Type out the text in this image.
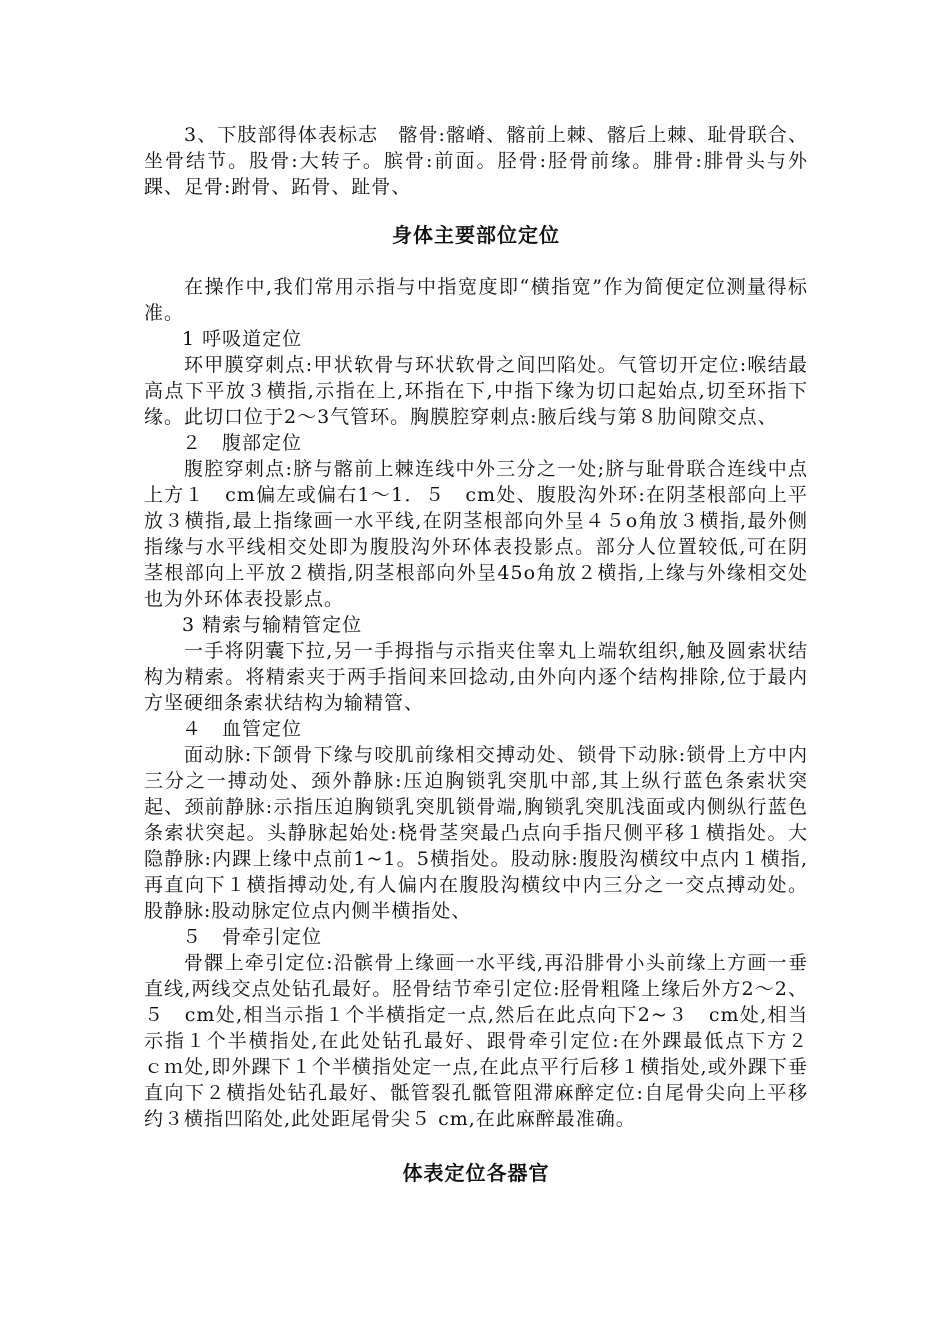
3、下肢部得体表标志　髂骨:髂嵴、髂前上棘、髂后上棘、耻骨联合、坐骨结节。股骨:大转子。膑骨:前面。胫骨:胫骨前缘。腓骨:腓骨头与外踝、足骨:跗骨、跖骨、趾骨、

身体主要部位定位

在操作中,我们常用示指与中指宽度即“横指宽”作为简便定位测量得标准。

1 呼吸道定位

环甲膜穿刺点:甲状软骨与环状软骨之间凹陷处。气管切开定位:喉结最高点下平放３横指,示指在上,环指在下,中指下缘为切口起始点,切至环指下缘。此切口位于2～3气管环。胸膜腔穿刺点:腋后线与第８肋间隙交点、

２　腹部定位

腹腔穿刺点:脐与髂前上棘连线中外三分之一处;脐与耻骨联合连线中点上方１　cm偏左或偏右1～1．５　cm处、腹股沟外环:在阴茎根部向上平放３横指,最上指缘画一水平线,在阴茎根部向外呈４５o角放３横指,最外侧指缘与水平线相交处即为腹股沟外环体表投影点。部分人位置较低,可在阴茎根部向上平放２横指,阴茎根部向外呈45o角放２横指,上缘与外缘相交处也为外环体表投影点。

3 精索与输精管定位

一手将阴囊下拉,另一手拇指与示指夹住睾丸上端软组织,触及圆索状结构为精索。将精索夹于两手指间来回捻动,由外向内逐个结构排除,位于最内方坚硬细条索状结构为输精管、

４　血管定位

面动脉:下颌骨下缘与咬肌前缘相交搏动处、锁骨下动脉:锁骨上方中内三分之一搏动处、颈外静脉:压迫胸锁乳突肌中部,其上纵行蓝色条索状突起、颈前静脉:示指压迫胸锁乳突肌锁骨端,胸锁乳突肌浅面或内侧纵行蓝色条索状突起。头静脉起始处:桡骨茎突最凸点向手指尺侧平移１横指处。大隐静脉:内踝上缘中点前1~1。5横指处。股动脉:腹股沟横纹中点内１横指,再直向下１横指搏动处,有人偏内在腹股沟横纹中内三分之一交点搏动处。股静脉:股动脉定位点内侧半横指处、

５　骨牵引定位

骨髁上牵引定位:沿髌骨上缘画一水平线,再沿腓骨小头前缘上方画一垂直线,两线交点处钻孔最好。胫骨结节牵引定位:胫骨粗隆上缘后外方2～2、５　cm处,相当示指１个半横指定一点,然后在此点向下2~３　cm处,相当示指１个半横指处,在此处钻孔最好、跟骨牵引定位:在外踝最低点下方２　ｃｍ处,即外踝下１个半横指处定一点,在此点平行后移１横指处,或外踝下垂直向下２横指处钻孔最好、骶管裂孔骶管阻滞麻醉定位:自尾骨尖向上平移约３横指凹陷处,此处距尾骨尖５ cm,在此麻醉最准确。

体表定位各器官
